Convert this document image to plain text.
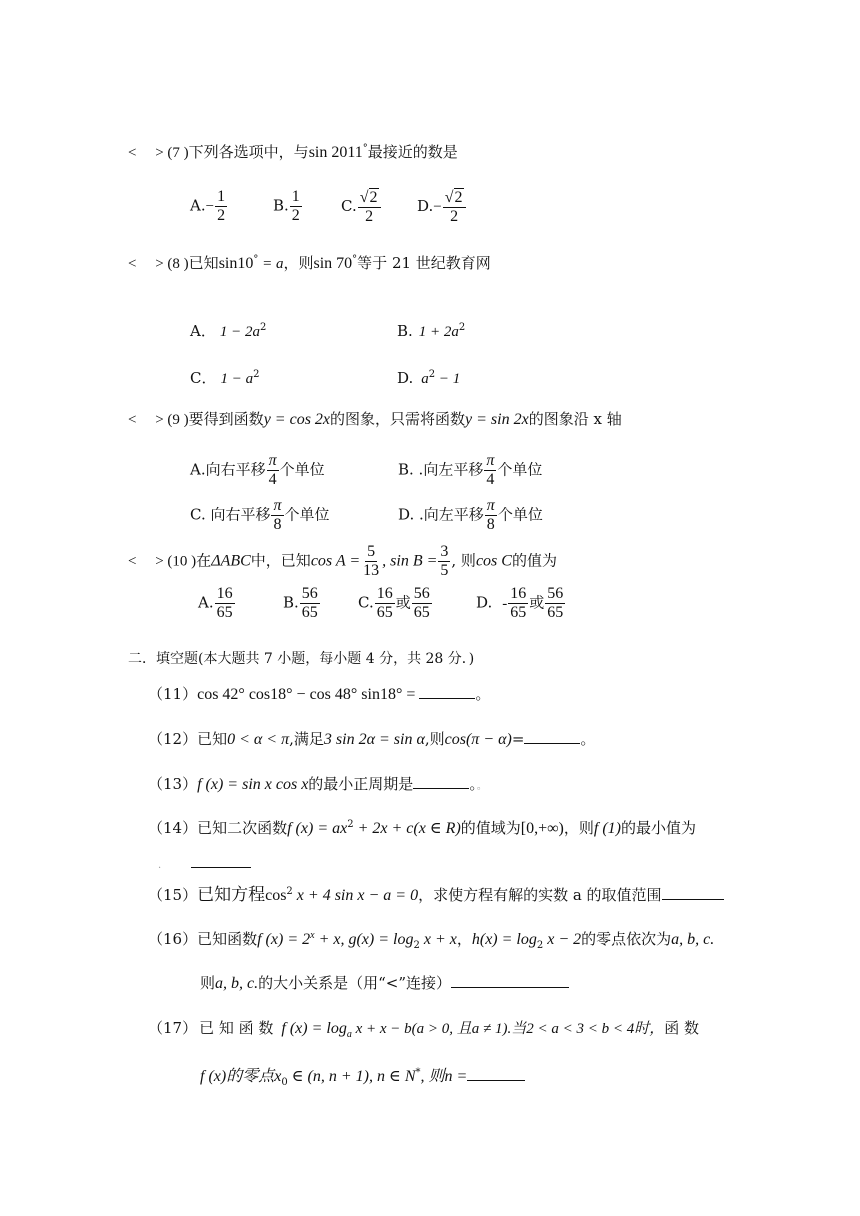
<     > (7 )下列各选项中，与sin 2011°最接近的数是
$A.- \frac{1}{2}$	B. $\frac{1}{2}$	C. $\frac{√ 2}{2} D.- \frac{√ 2}{2}$
<     > (8 )已知sin10° = a，则sin 70°等于 21 世纪教育网
A． $1 - 2a^2$	B. $1 + 2a^2$
C． $1 - a^2$	D. $a^2 - 1$
<     > (9 )要得到函数y = cos 2x的图象，只需将函数y = sin 2x的图象沿 x 轴
A.向右平移 $\frac{\pi}{4}$ 个单位	B. .向左平移 $\frac{\pi}{4}$ 个单位
C. 向右平移 $\frac{\pi}{8}$ 个单位	D. .向左平移 $\frac{\pi}{8}$ 个单位
<     > (10 )在ΔABC中，已知$\cos A = \frac{5}{13}$ , $\sin B = \frac{3}{5}$ , 则cos C的值为
A. $\frac{16}{65}$	B. $\frac{56}{65}$	C. $\frac{16}{65}$ 或 $\frac{56}{65}$	D. - $\frac{16}{65}$ 或 $\frac{56}{65}$
二．填空题(本大题共 7 小题，每小题 4 分，共 28 分．)
（11）cos 42° cos18° − cos 48° sin18° =	。
（12）已知0 < α < π,满足3 sin 2α = sin α,则cos(π − α)=	。
（13）f (x) = sin x cos x的最小正周期是	。。
（14）已知二次函数f $(x) = ax^2 + 2x + c(x$ ∈ R)的值域为[0,+∞)，则f (1)的最小值为
.
（15）已知方程$\cos^2 x + 4$ sin x − a = 0，求使方程有解的实数 a 的取值范围
（16）已知函数f $(x) = 2^x + x$, $g(x) = \log_2 x + x$，$h(x) = \log_2 x - 2$的零点依次为a, b, c.
则a, b, c.的大小关系是（用“<”连接）
（17） 已 知 函 数 f $(x) = \log_a x + x - b(a > 0$, 且a ≠ 1).当2 < a < 3 < b < 4时，函 数
f (x)的零点$x_0$ ∈ (n, n + 1), n ∈ N*, 则n =
